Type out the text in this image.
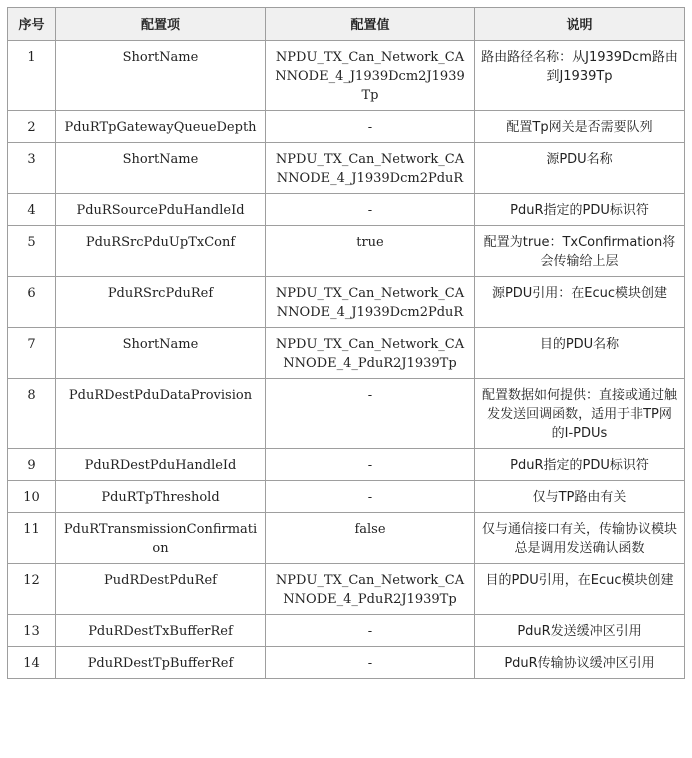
序号	配置项	配置值	说明
1	ShortName	NPDU_TX_Can_Network_CANNODE_4_J1939Dcm2J1939Tp	路由路径名称：从J1939Dcm路由到J1939Tp
2	PduRTpGatewayQueueDepth	-	配置Tp网关是否需要队列
3	ShortName	NPDU_TX_Can_Network_CANNODE_4_J1939Dcm2PduR	源PDU名称
4	PduRSourcePduHandleId	-	PduR指定的PDU标识符
5	PduRSrcPduUpTxConf	true	配置为true：TxConfirmation将会传输给上层
6	PduRSrcPduRef	NPDU_TX_Can_Network_CANNODE_4_J1939Dcm2PduR	源PDU引用：在Ecuc模块创建
7	ShortName	NPDU_TX_Can_Network_CANNODE_4_PduR2J1939Tp	目的PDU名称
8	PduRDestPduDataProvision	-	配置数据如何提供：直接或通过触发发送回调函数，适用于非TP网的I-PDUs
9	PduRDestPduHandleId	-	PduR指定的PDU标识符
10	PduRTpThreshold	-	仅与TP路由有关
11	PduRTransmissionConfirmation	false	仅与通信接口有关，传输协议模块总是调用发送确认函数
12	PudRDestPduRef	NPDU_TX_Can_Network_CANNODE_4_PduR2J1939Tp	目的PDU引用，在Ecuc模块创建
13	PduRDestTxBufferRef	-	PduR发送缓冲区引用
14	PduRDestTpBufferRef	-	PduR传输协议缓冲区引用
